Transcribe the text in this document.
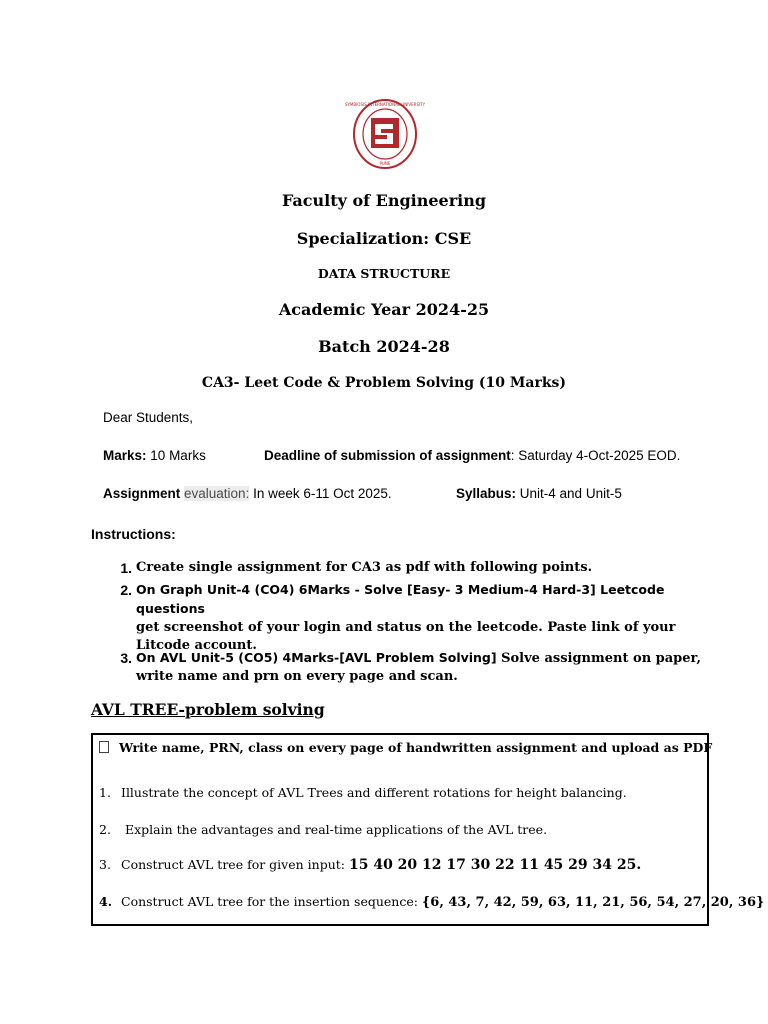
SYMBIOSIS INTERNATIONAL UNIVERSITY
PUNE
Faculty of Engineering
Specialization: CSE
DATA STRUCTURE
Academic Year 2024-25
Batch 2024-28
CA3- Leet Code & Problem Solving (10 Marks)
Dear Students,
Marks: 10 Marks	Deadline of submission of assignment: Saturday 4-Oct-2025 EOD.
Assignment evaluation: In week 6-11 Oct 2025.	Syllabus: Unit-4 and Unit-5
Instructions:
1. Create single assignment for CA3 as pdf with following points.
2. On Graph Unit-4 (CO4) 6Marks - Solve [Easy- 3 Medium-4 Hard-3] Leetcode questions
get screenshot of your login and status on the leetcode. Paste link of your
Litcode account.
3. On AVL Unit-5 (CO5) 4Marks-[AVL Problem Solving] Solve assignment on paper,
write name and prn on every page and scan.
AVL TREE-problem solving
Write name, PRN, class on every page of handwritten assignment and upload as PDF
1. Illustrate the concept of AVL Trees and different rotations for height balancing.
2. Explain the advantages and real-time applications of the AVL tree.
3. Construct AVL tree for given input: 15 40 20 12 17 30 22 11 45 29 34 25.
4. Construct AVL tree for the insertion sequence: {6, 43, 7, 42, 59, 63, 11, 21, 56, 54, 27, 20, 36}
